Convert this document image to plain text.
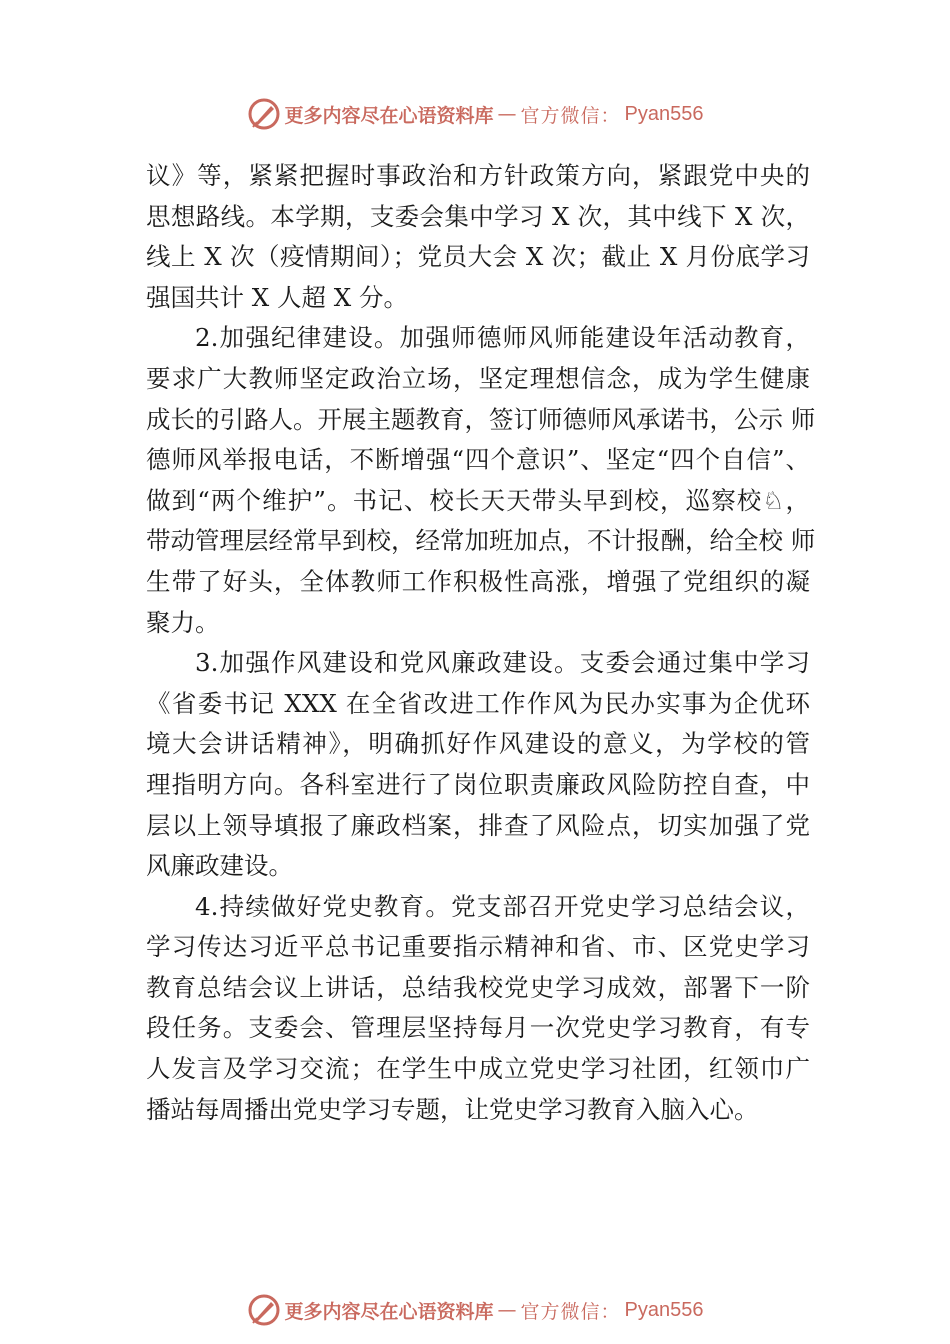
更多内容尽在心语资料库 — 官方微信： Pyan556
议》等，紧紧把握时事政治和方针政策方向，紧跟党中央的
思想路线。本学期，支委会集中学习 X 次，其中线下 X 次，
线上 X 次（疫情期间）；党员大会 X 次；截止 X 月份底学习
强国共计 X 人超 X 分。
2.加强纪律建设。加强师德师风师能建设年活动教育，
要求广大教师坚定政治立场，坚定理想信念，成为学生健康
成长的引路人。开展主题教育，签订师德师风承诺书，公示 师
德师风举报电话，不断增强“四个意识”、坚定“四个自信”、
做到“两个维护”。书记、校长天天带头早到校，巡察校♘，
带动管理层经常早到校，经常加班加点，不计报酬，给全校 师
生带了好头，全体教师工作积极性高涨，增强了党组织的凝
聚力。
3.加强作风建设和党风廉政建设。支委会通过集中学习
《省委书记 XXX 在全省改进工作作风为民办实事为企优环
境大会讲话精神》，明确抓好作风建设的意义，为学校的管
理指明方向。各科室进行了岗位职责廉政风险防控自查，中
层以上领导填报了廉政档案，排查了风险点，切实加强了党
风廉政建设。
4.持续做好党史教育。党支部召开党史学习总结会议，
学习传达习近平总书记重要指示精神和省、市、区党史学习
教育总结会议上讲话，总结我校党史学习成效，部署下一阶
段任务。支委会、管理层坚持每月一次党史学习教育，有专
人发言及学习交流；在学生中成立党史学习社团，红领巾广
播站每周播出党史学习专题，让党史学习教育入脑入心。
更多内容尽在心语资料库 — 官方微信： Pyan556
